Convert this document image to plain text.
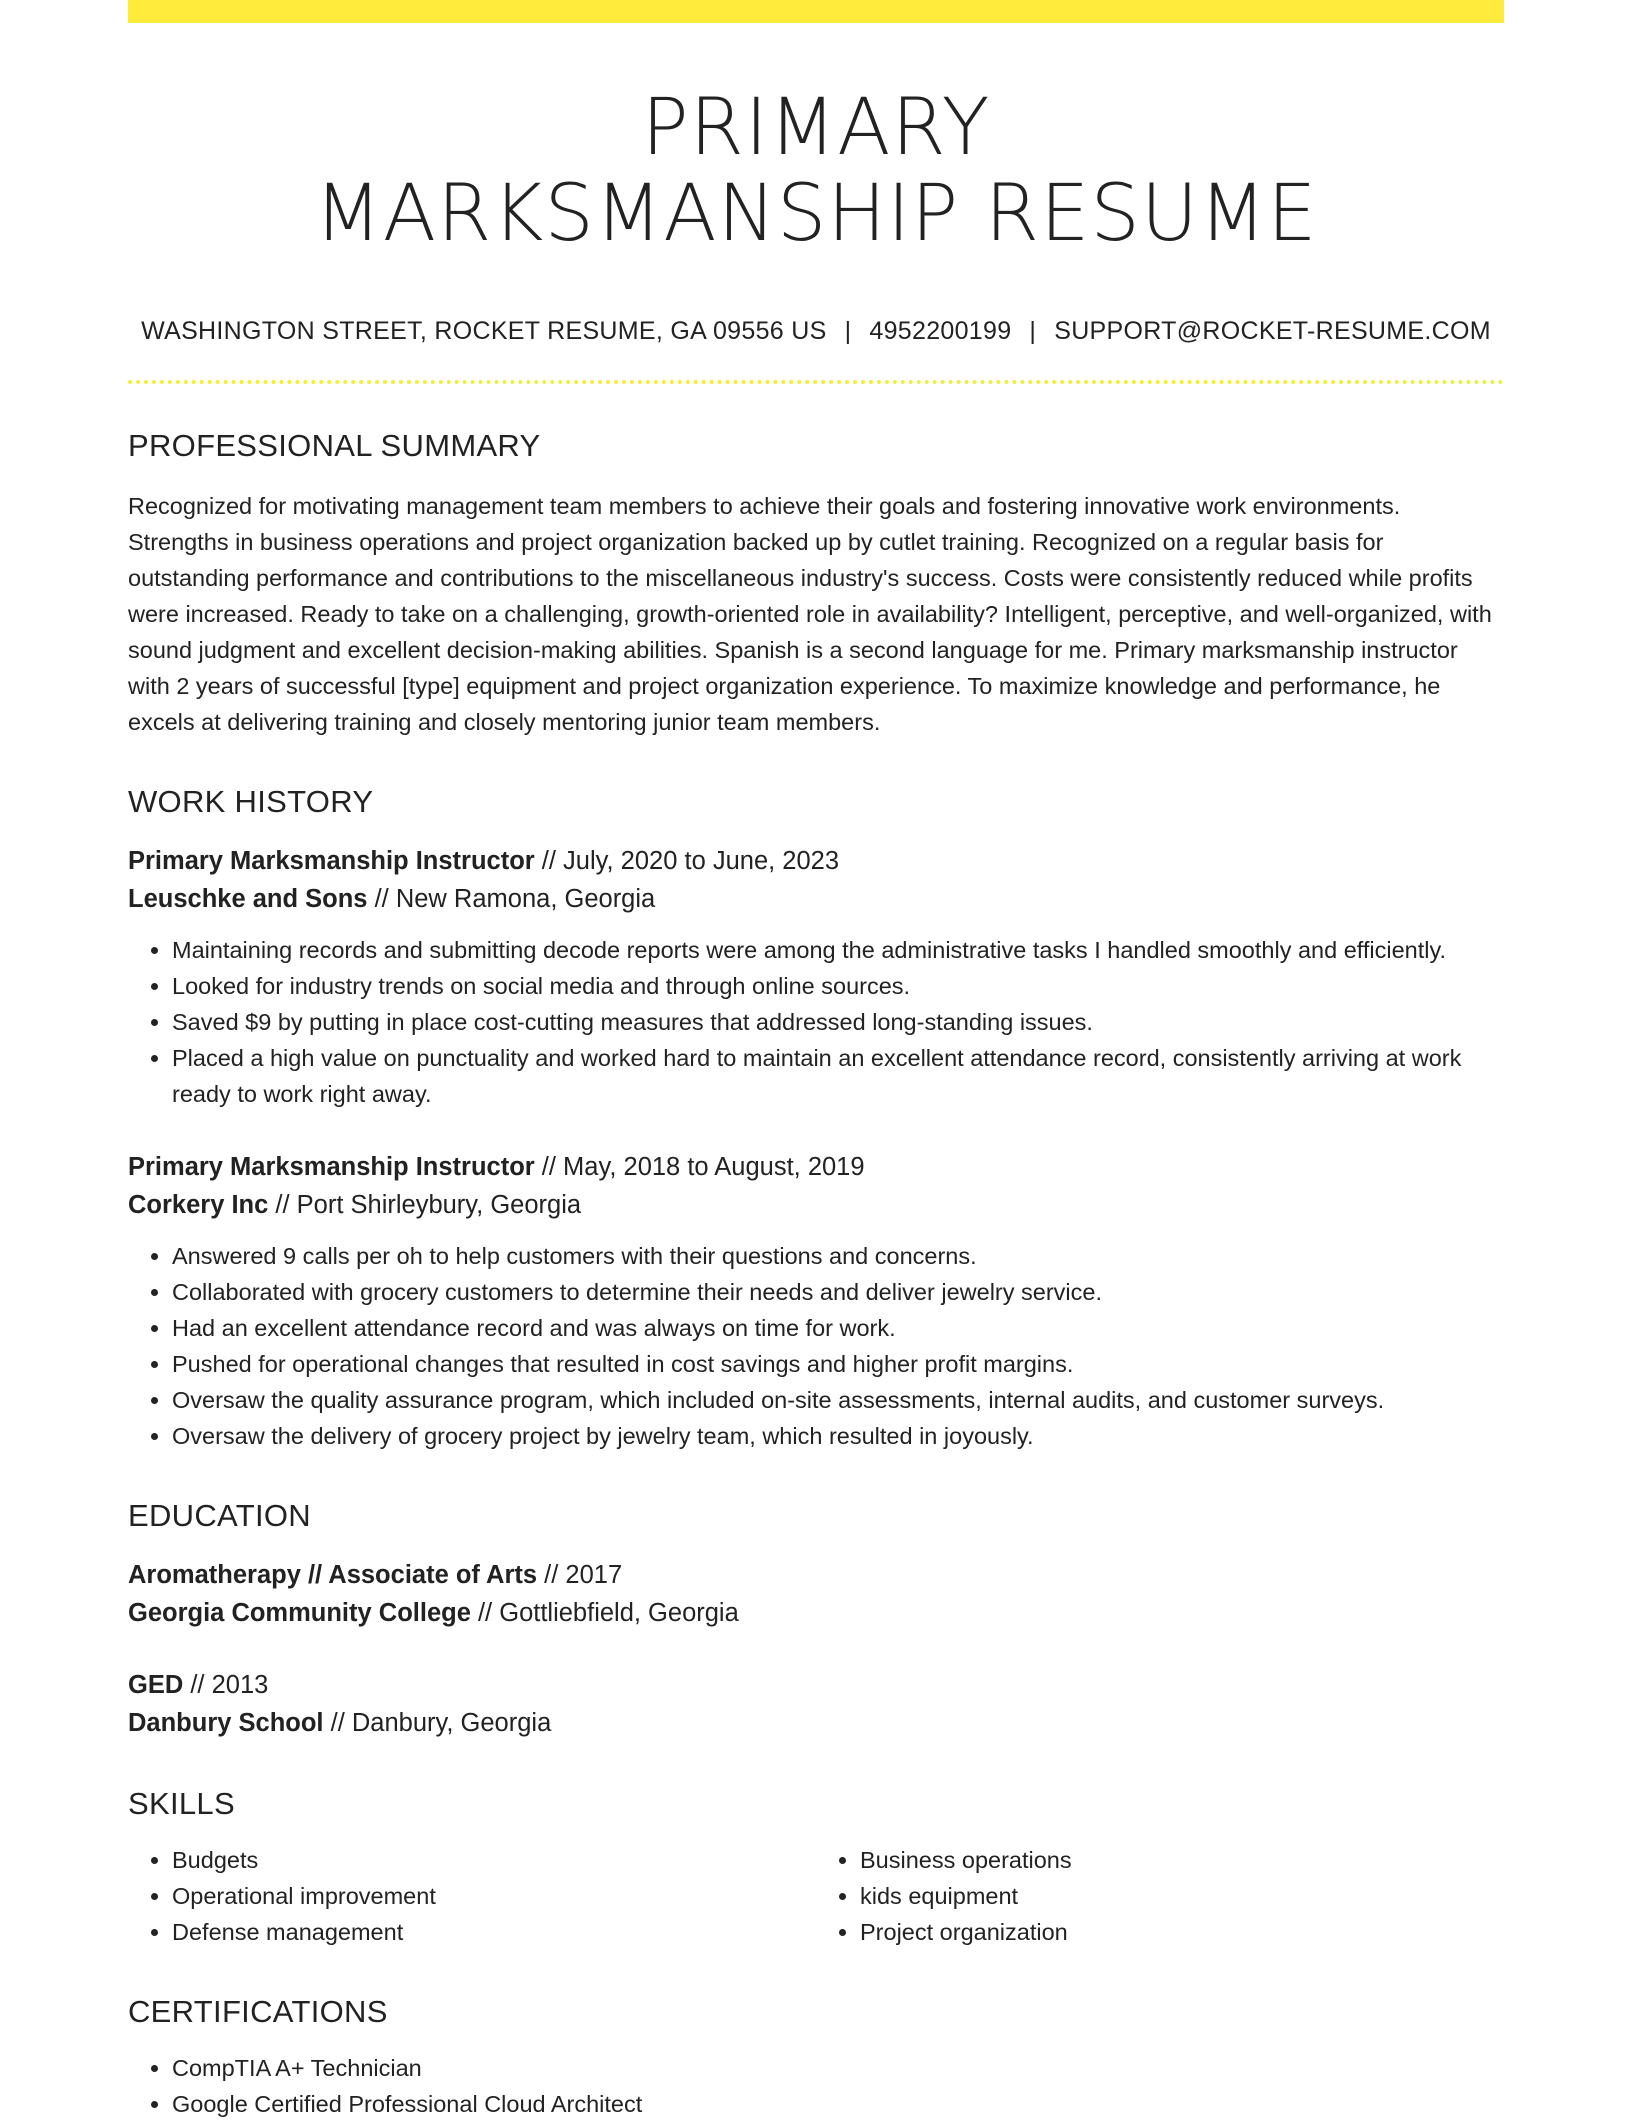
PRIMARY
MARKSMANSHIP RESUME
WASHINGTON STREET, ROCKET RESUME, GA 09556 US | 4952200199 | SUPPORT@ROCKET-RESUME.COM
PROFESSIONAL SUMMARY

Recognized for motivating management team members to achieve their goals and fostering innovative work environments. Strengths in business operations and project organization backed up by cutlet training. Recognized on a regular basis for outstanding performance and contributions to the miscellaneous industry's success. Costs were consistently reduced while profits were increased. Ready to take on a challenging, growth-oriented role in availability? Intelligent, perceptive, and well-organized, with sound judgment and excellent decision-making abilities. Spanish is a second language for me. Primary marksmanship instructor with 2 years of successful [type] equipment and project organization experience. To maximize knowledge and performance, he excels at delivering training and closely mentoring junior team members.

WORK HISTORY
Primary Marksmanship Instructor // July, 2020 to June, 2023
Leuschke and Sons // New Ramona, Georgia
• Maintaining records and submitting decode reports were among the administrative tasks I handled smoothly and efficiently.
• Looked for industry trends on social media and through online sources.
• Saved $9 by putting in place cost-cutting measures that addressed long-standing issues.
• Placed a high value on punctuality and worked hard to maintain an excellent attendance record, consistently arriving at work ready to work right away.
Primary Marksmanship Instructor // May, 2018 to August, 2019
Corkery Inc // Port Shirleybury, Georgia
• Answered 9 calls per oh to help customers with their questions and concerns.
• Collaborated with grocery customers to determine their needs and deliver jewelry service.
• Had an excellent attendance record and was always on time for work.
• Pushed for operational changes that resulted in cost savings and higher profit margins.
• Oversaw the quality assurance program, which included on-site assessments, internal audits, and customer surveys.
• Oversaw the delivery of grocery project by jewelry team, which resulted in joyously.
EDUCATION
Aromatherapy // Associate of Arts // 2017
Georgia Community College // Gottliebfield, Georgia
GED // 2013
Danbury School // Danbury, Georgia
SKILLS
• Budgets
• Operational improvement
• Defense management
• Business operations
• kids equipment
• Project organization
CERTIFICATIONS
• CompTIA A+ Technician
• Google Certified Professional Cloud Architect
